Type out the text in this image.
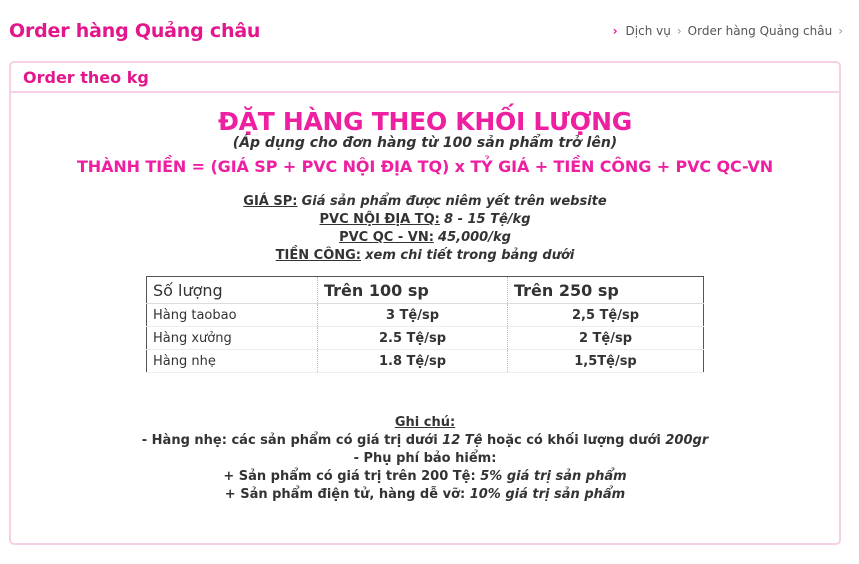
Order hàng Quảng châu	› Dịch vụ › Order hàng Quảng châu ›
Order theo kg
ĐẶT HÀNG THEO KHỐI LƯỢNG
(Áp dụng cho đơn hàng từ 100 sản phẩm trở lên)
THÀNH TIỀN = (GIÁ SP + PVC NỘI ĐỊA TQ) x TỶ GIÁ + TIỀN CÔNG + PVC QC-VN
GIÁ SP: Giá sản phẩm được niêm yết trên website
PVC NỘI ĐỊA TQ: 8 - 15 Tệ/kg
PVC QC - VN: 45,000/kg
TIỀN CÔNG: xem chi tiết trong bảng dưới
Số lượng	Trên 100 sp	Trên 250 sp
Hàng taobao	3 Tệ/sp	2,5 Tệ/sp
Hàng xưởng	2.5 Tệ/sp	2 Tệ/sp
Hàng nhẹ	1.8 Tệ/sp	1,5Tệ/sp
Ghi chú:
- Hàng nhẹ: các sản phẩm có giá trị dưới 12 Tệ hoặc có khối lượng dưới 200gr
- Phụ phí bảo hiểm:
+ Sản phẩm có giá trị trên 200 Tệ: 5% giá trị sản phẩm
+ Sản phẩm điện tử, hàng dễ vỡ: 10% giá trị sản phẩm
